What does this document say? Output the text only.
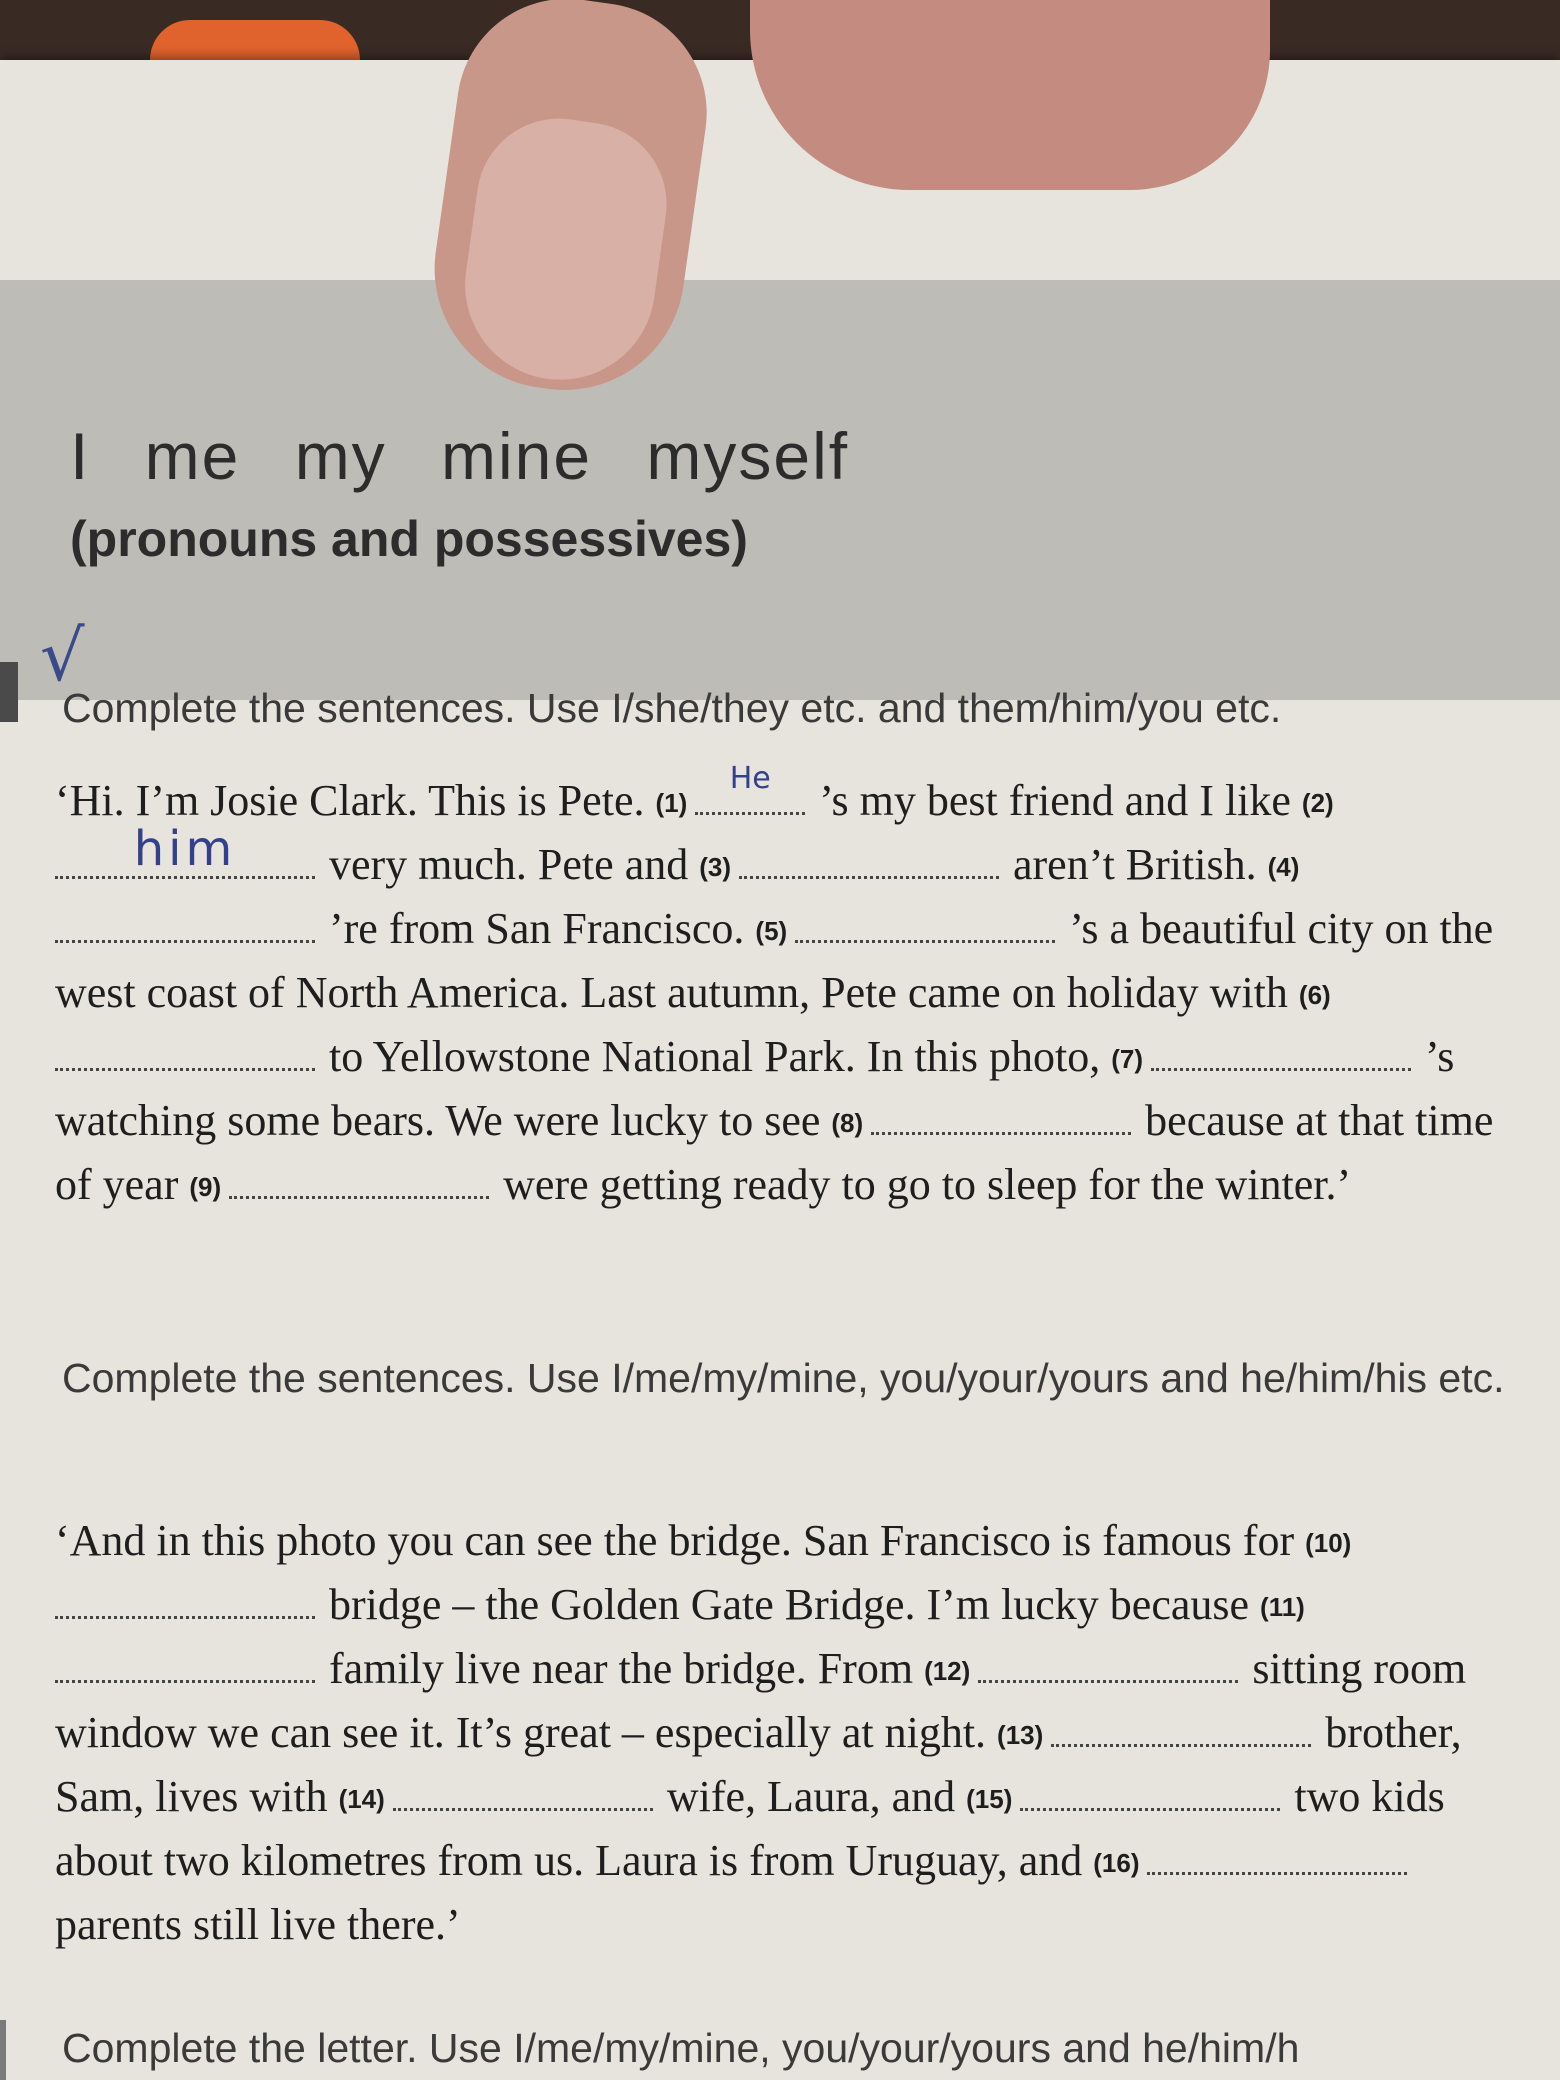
I me my mine myself
(pronouns and possessives)
√

Complete the sentences. Use I/she/they etc. and them/him/you etc.

‘Hi. I’m Josie Clark. This is Pete. (1)
He	’s my best friend and I like (2)
him	very much. Pete and (3)	aren’t British. (4)’re from San Francisco. (5)	’s a beautiful city on the west coast of North America. Last autumn, Pete came on holiday with (6)to Yellowstone National Park. In this photo, (7)	’s watching some bears. We were lucky to see (8)	because at that time of year (9)	were getting ready to go to sleep for the winter.’

Complete the sentences. Use I/me/my/mine, you/your/yours and he/him/his etc.

‘And in this photo you can see the bridge. San Francisco is famous for (10)bridge – the Golden Gate Bridge. I’m lucky because (11)family live near the bridge. From (12)	sitting room window we can see it. It’s great – especially at night. (13)	brother, Sam, lives with (14)	wife, Laura, and (15)	two kids about two kilometres from us. Laura is from Uruguay, and (16)parents still live there.’

Complete the letter. Use I/me/my/mine, you/your/yours and he/him/h
